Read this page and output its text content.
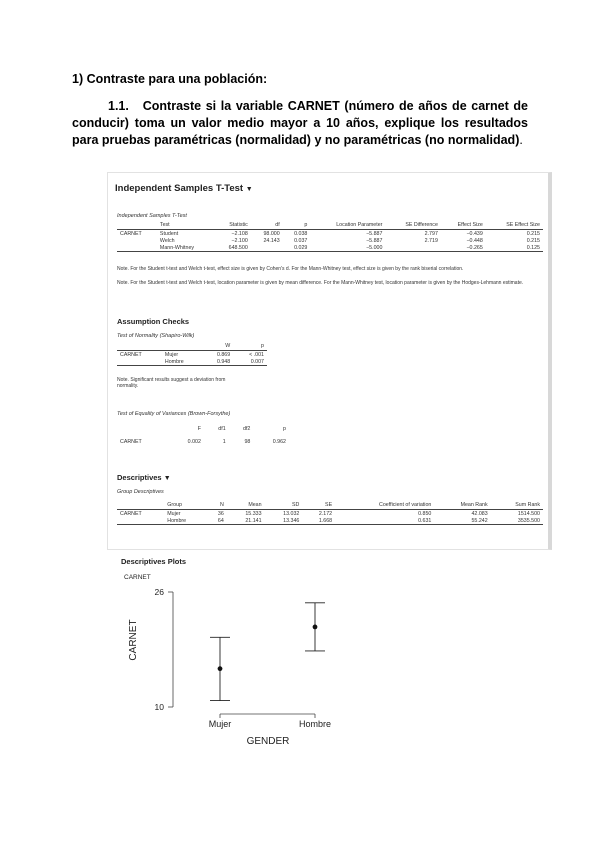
1) Contraste para una población:
1.1. Contraste si la variable CARNET (número de años de carnet de conducir) toma un valor medio mayor a 10 años, explique los resultados para pruebas paramétricas (normalidad) y no paramétricas (no normalidad).
Independent Samples T-Test ▼
Independent Samples T-Test
	Test	Statistic	df	p	Location Parameter	SE Difference	Effect Size	SE Effect Size
CARNET	Student	−2.108	98.000	0.038	−5.887	2.797	−0.439	0.215
	Welch	−2.100	24.143	0.037	−5.887	2.719	−0.448	0.215
	Mann-Whitney	648.500		0.029	−5.000		−0.265	0.125
Note. For the Student t-test and Welch t-test, effect size is given by Cohen's d. For the Mann-Whitney test, effect size is given by the rank biserial correlation.
Note. For the Student t-test and Welch t-test, location parameter is given by mean difference. For the Mann-Whitney test, location parameter is given by the Hodges-Lehmann estimate.
Assumption Checks
Test of Normality (Shapiro-Wilk)
		W	p
CARNET	Mujer	0.869	< .001
	Hombre	0.948	0.007
Note. Significant results suggest a deviation from normality.
Test of Equality of Variances (Brown-Forsythe)
	F	df1	df2	p
CARNET	0.002	1	98	0.962
Descriptives ▼
Group Descriptives
	Group	N	Mean	SD	SE	Coefficient of variation	Mean Rank	Sum Rank
CARNET	Mujer	36	15.333	13.032	2.172	0.850	42.083	1514.500
	Hombre	64	21.141	13.346	1.668	0.631	55.242	3535.500
Descriptives Plots
CARNET
10
26
Mujer	Hombre
CARNET
GENDER
